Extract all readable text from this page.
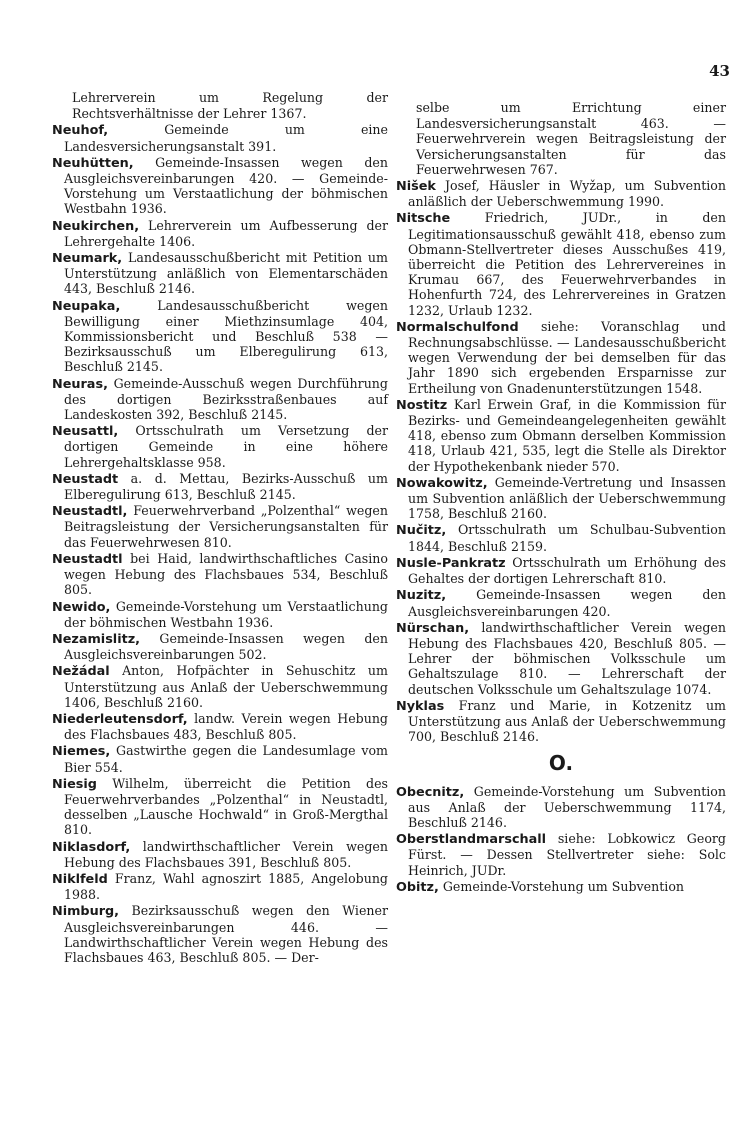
43

Lehrerverein um Regelung der Rechtsverhältnisse der Lehrer 1367.

Neuhof,	Gemeinde um eine Landesversicherungsanstalt 391.

Neuhütten, Gemeinde-Insassen wegen den Ausgleichsvereinbarungen 420. — Gemeinde-Vorstehung um Verstaatlichung der böhmischen Westbahn 1936.

Neukirchen, Lehrerverein um Aufbesserung der Lehrergehalte 1406.

Neumark, Landesausschußbericht mit Petition um Unterstützung anläßlich von Elementarschäden 443, Beschluß 2146.

Neupaka,	Landesausschußbericht wegen Bewilligung einer Miethzinsumlage 404, Kommissionsbericht und Beschluß 538 — Bezirksausschuß um Elberegulirung 613, Beschluß 2145.

Neuras, Gemeinde-Ausschuß wegen Durchführung des dortigen Bezirksstraßenbaues auf Landeskosten 392, Beschluß 2145.

Neusattl, Ortsschulrath um Versetzung der dortigen Gemeinde in eine höhere Lehrergehaltsklasse 958.

Neustadt a. d. Mettau, Bezirks-Ausschuß um Elberegulirung 613, Beschluß 2145.

Neustadtl, Feuerwehrverband „Polzenthal“ wegen Beitragsleistung der Versicherungsanstalten für das Feuerwehrwesen 810.

Neustadtl bei Haid, landwirthschaftliches Casino wegen Hebung des Flachsbaues 534, Beschluß 805.

Newido, Gemeinde-Vorstehung um Verstaatlichung der böhmischen Westbahn 1936.

Nezamislitz, Gemeinde-Insassen wegen den Ausgleichsvereinbarungen 502.

Nežádal Anton, Hofpächter in Sehuschitz um Unterstützung aus Anlaß der Ueberschwemmung 1406, Beschluß 2160.

Niederleutensdorf, landw. Verein wegen Hebung des Flachsbaues 483, Beschluß 805.

Niemes, Gastwirthe gegen die Landesumlage vom Bier 554.

Niesig Wilhelm, überreicht die Petition des Feuerwehrverbandes „Polzenthal“ in Neustadtl, desselben „Lausche Hochwald“ in Groß-Mergthal 810.

Niklasdorf, landwirthschaftlicher Verein wegen Hebung des Flachsbaues 391, Beschluß 805.

Niklfeld Franz, Wahl agnoszirt 1885, Angelobung 1988.

Nimburg, Bezirksausschuß wegen den Wiener Ausgleichsvereinbarungen 446. — Landwirthschaftlicher Verein wegen Hebung des Flachsbaues 463, Beschluß 805. — Der-

selbe um Errichtung einer Landesversicherungsanstalt 463. — Feuerwehrverein wegen Beitragsleistung der Versicherungsanstalten für das Feuerwehrwesen 767.

Nišek Josef, Häusler in Wyžap, um Subvention anläßlich der Ueberschwemmung 1990.

Nitsche	Friedrich, JUDr., in den Legitimationsausschuß gewählt 418, ebenso zum Obmann-Stellvertreter dieses Ausschußes 419, überreicht die Petition des Lehrervereines in Krumau 667, des Feuerwehrverbandes in Hohenfurth 724, des Lehrervereines in Gratzen 1232, Urlaub 1232.

Normalschulfond siehe: Voranschlag und Rechnungsabschlüsse. — Landesausschußbericht wegen Verwendung der bei demselben für das Jahr 1890 sich ergebenden Ersparnisse zur Ertheilung von Gnadenunterstützungen 1548.

Nostitz Karl Erwein Graf, in die Kommission für Bezirks- und Gemeindeangelegenheiten gewählt 418, ebenso zum Obmann derselben Kommission 418, Urlaub 421, 535, legt die Stelle als Direktor der Hypothekenbank nieder 570.

Nowakowitz, Gemeinde-Vertretung und Insassen um Subvention anläßlich der Ueberschwemmung 1758, Beschluß 2160.

Nučitz, Ortsschulrath um Schulbau-Subvention 1844, Beschluß 2159.

Nusle-Pankratz Ortsschulrath um Erhöhung des Gehaltes der dortigen Lehrerschaft 810.

Nuzitz, Gemeinde-Insassen wegen den Ausgleichsvereinbarungen 420.

Nürschan, landwirthschaftlicher Verein wegen Hebung des Flachsbaues 420, Beschluß 805. — Lehrer der böhmischen Volksschule um Gehaltszulage 810. — Lehrerschaft der deutschen Volksschule um Gehaltszulage 1074.

Nyklas Franz und Marie, in Kotzenitz um Unterstützung aus Anlaß der Ueberschwemmung 700, Beschluß 2146.

O.

Obecnitz, Gemeinde-Vorstehung um Subvention aus Anlaß der Ueberschwemmung 1174, Beschluß 2146.

Oberstlandmarschall siehe: Lobkowicz Georg Fürst. — Dessen Stellvertreter siehe: Solc Heinrich, JUDr.

Obitz, Gemeinde-Vorstehung um Subvention
